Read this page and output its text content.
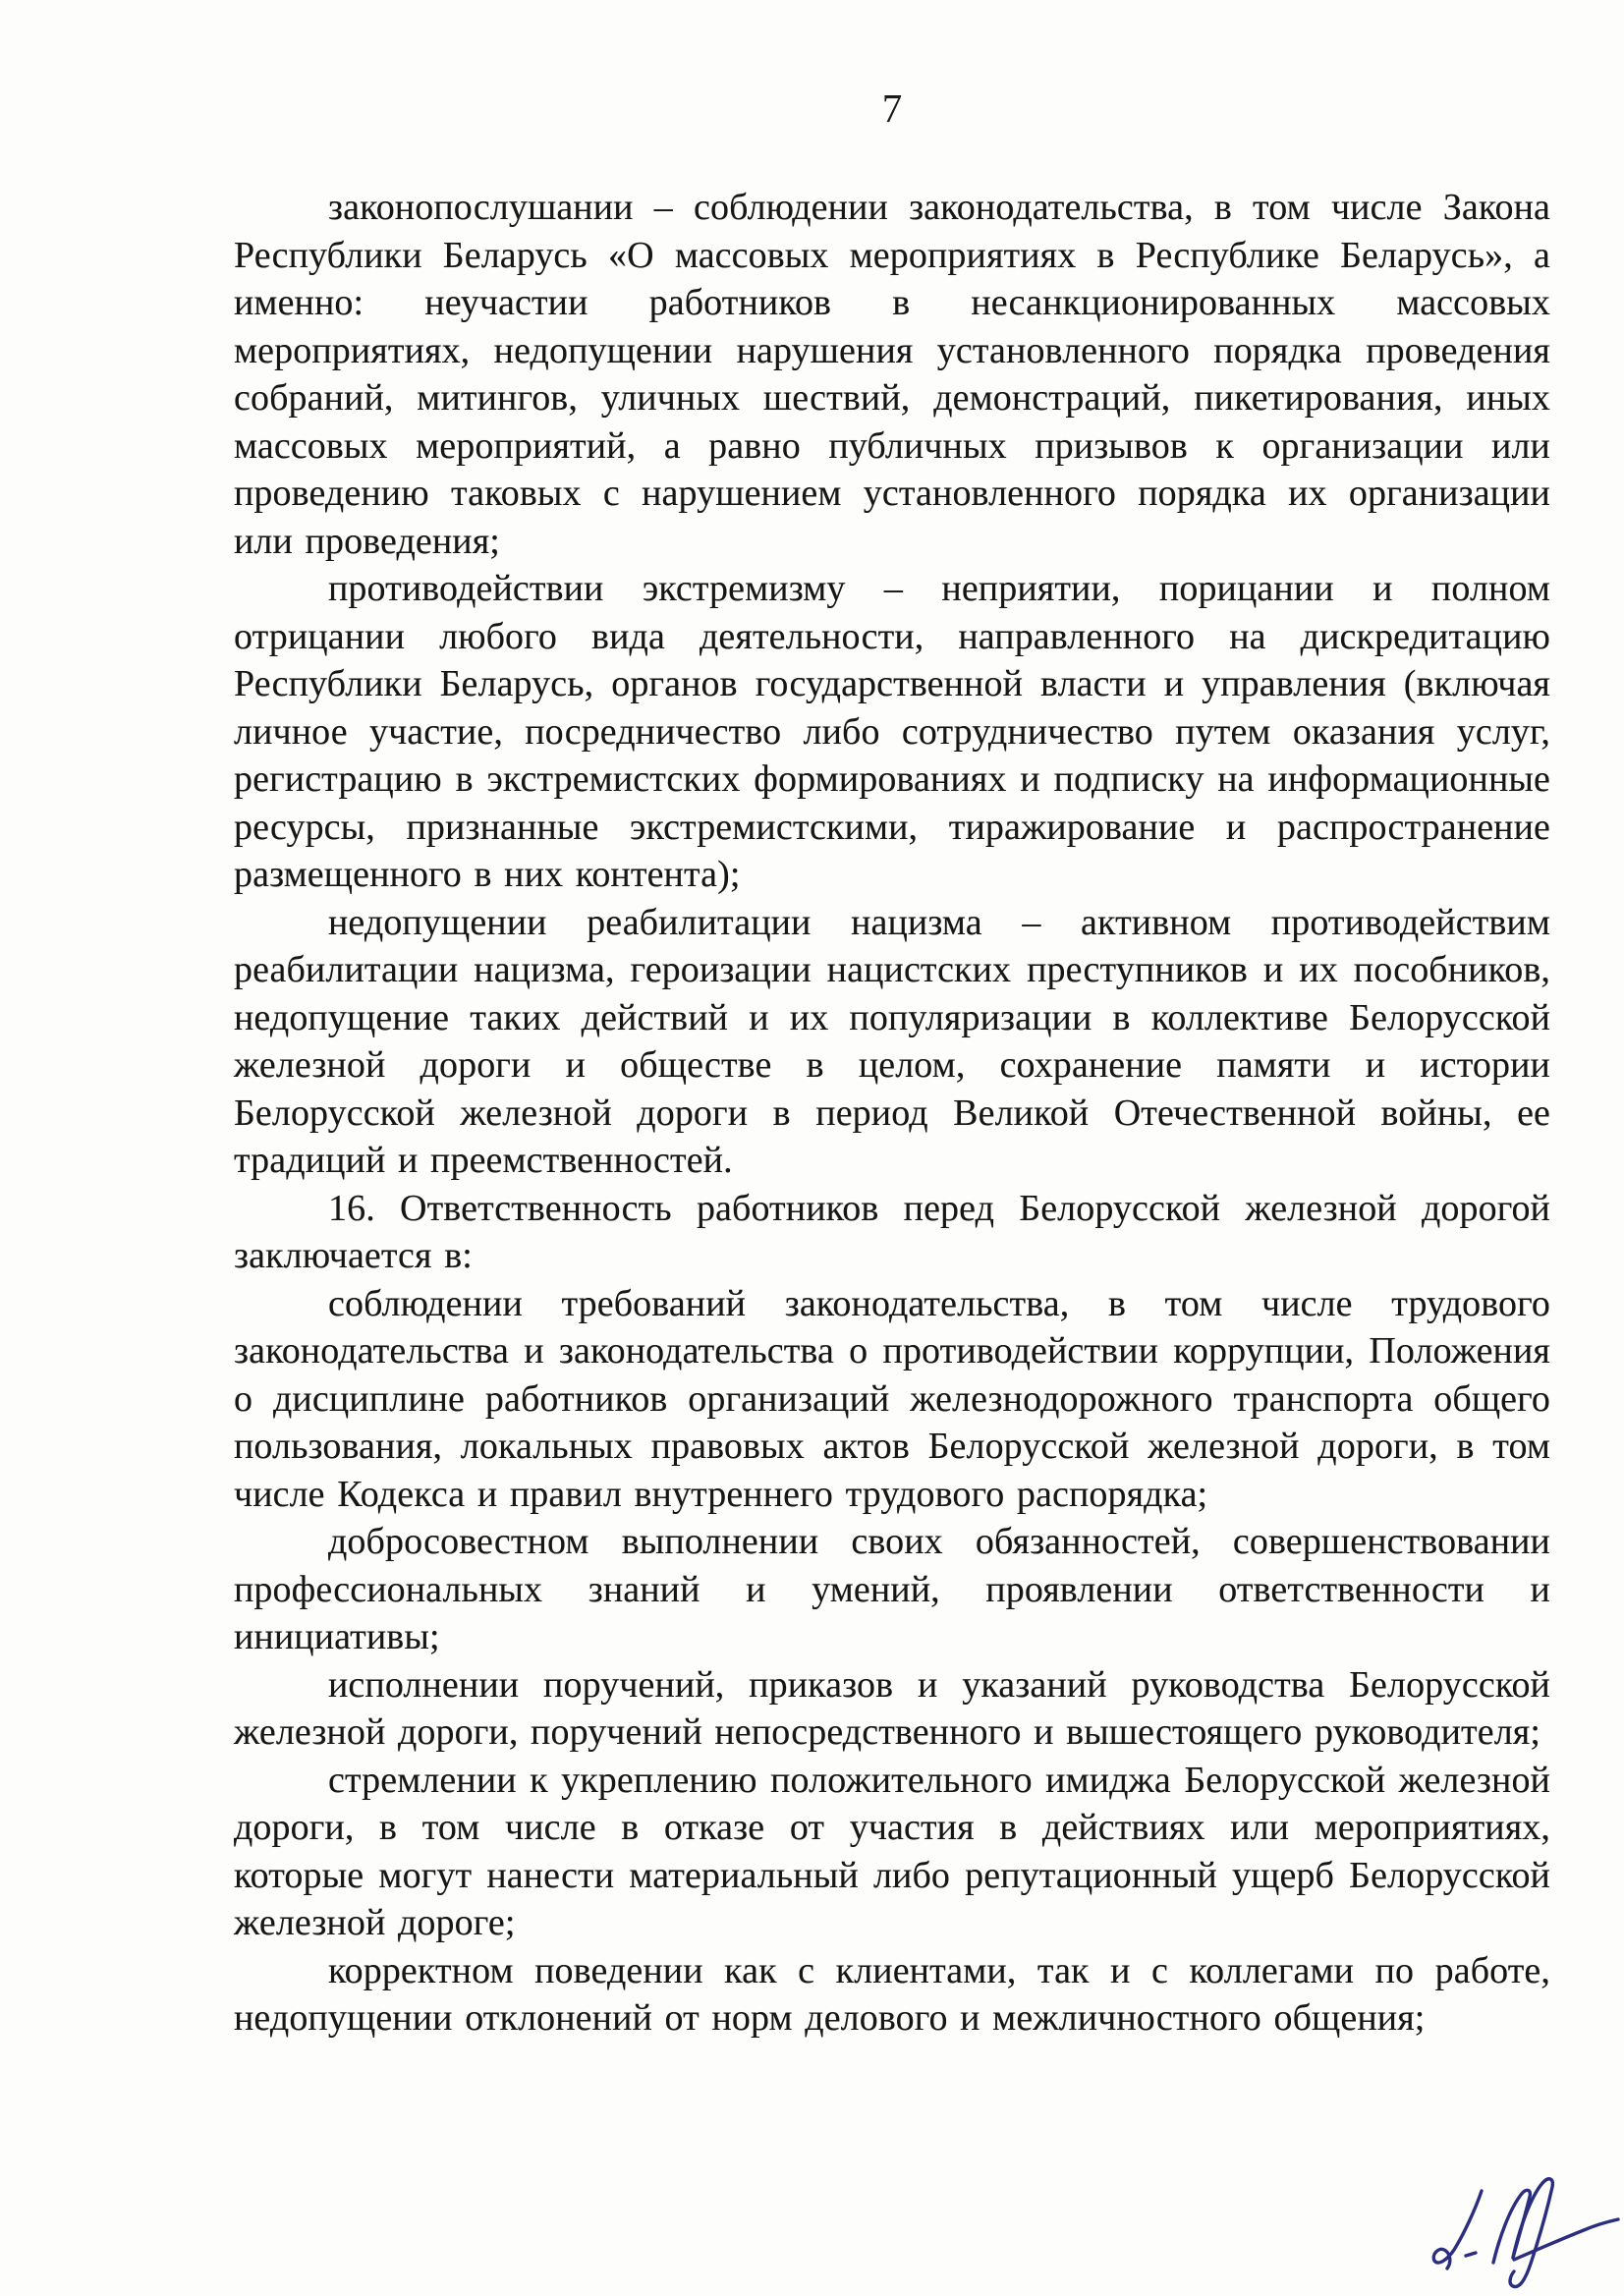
7

законопослушании – соблюдении законодательства, в том числе Закона Республики Беларусь «О массовых мероприятиях в Республике Беларусь», а именно: неучастии работников в несанкционированных массовых мероприятиях, недопущении нарушения установленного порядка проведения собраний, митингов, уличных шествий, демонстраций, пикетирования, иных массовых мероприятий, а равно публичных призывов к организации или проведению таковых с нарушением установленного порядка их организации или проведения;

противодействии экстремизму – неприятии, порицании и полном отрицании любого вида деятельности, направленного на дискредитацию Республики Беларусь, органов государственной власти и управления (включая личное участие, посредничество либо сотрудничество путем оказания услуг, регистрацию в экстремистских формированиях и подписку на информационные ресурсы, признанные экстремистскими, тиражирование и распространение размещенного в них контента);

недопущении реабилитации нацизма – активном противодействим реабилитации нацизма, героизации нацистских преступников и их пособников, недопущение таких действий и их популяризации в коллективе Белорусской железной дороги и обществе в целом, сохранение памяти и истории Белорусской железной дороги в период Великой Отечественной войны, ее традиций и преемственностей.

16. Ответственность работников перед Белорусской железной дорогой заключается в:

соблюдении требований законодательства, в том числе трудового законодательства и законодательства о противодействии коррупции, Положения о дисциплине работников организаций железнодорожного транспорта общего пользования, локальных правовых актов Белорусской железной дороги, в том числе Кодекса и правил внутреннего трудового распорядка;

добросовестном выполнении своих обязанностей, совершенствовании профессиональных знаний и умений, проявлении ответственности и инициативы;

исполнении поручений, приказов и указаний руководства Белорусской железной дороги, поручений непосредственного и вышестоящего руководителя;

стремлении к укреплению положительного имиджа Белорусской железной дороги, в том числе в отказе от участия в действиях или мероприятиях, которые могут нанести материальный либо репутационный ущерб Белорусской железной дороге;

корректном поведении как с клиентами, так и с коллегами по работе, недопущении отклонений от норм делового и межличностного общения;
